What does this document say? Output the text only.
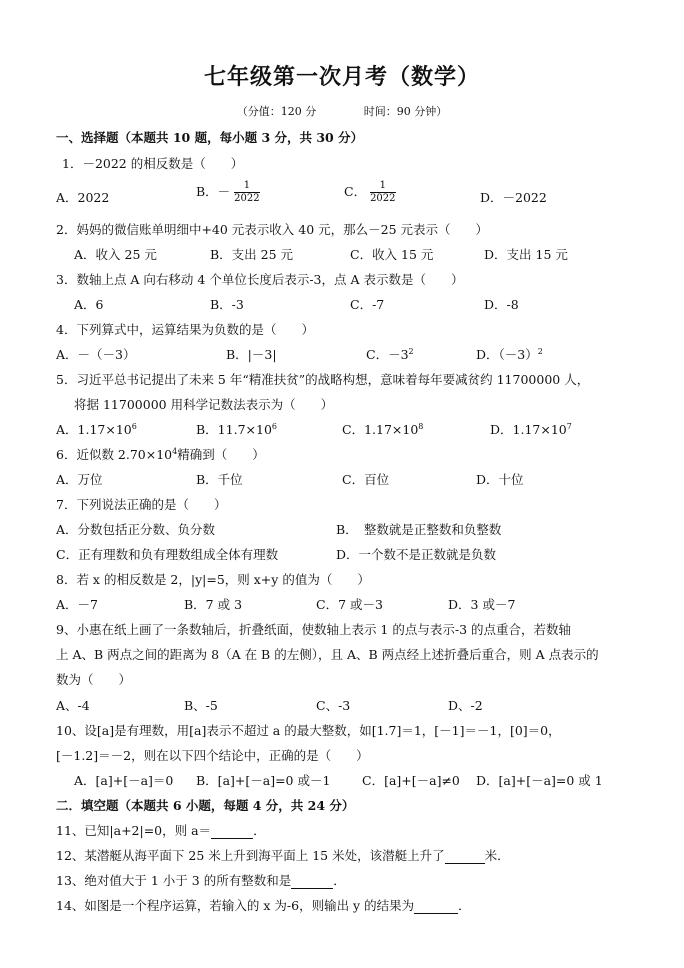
七年级第一次月考（数学）
（分值：120 分	时间：90 分钟）
一、选择题（本题共 10 题，每小题 3 分，共 30 分）
1．－2022 的相反数是（　　）
A．2022	B．－ $\frac{1}{2022}$	C． $\frac{1}{2022}$	D．－2022
2．妈妈的微信账单明细中+40 元表示收入 40 元，那么－25 元表示（　　）
A．收入 25 元	B．支出 25 元	C．收入 15 元	D．支出 15 元
3．数轴上点 A 向右移动 4 个单位长度后表示-3，点 A 表示数是（　　）
A．6	B．-3	C．-7	D．-8
4．下列算式中，运算结果为负数的是（　　）
A．－（－3）	B．|－3|	C．$-3^2$	D．$(-3)^2$
5．习近平总书记提出了未来 5 年“精准扶贫”的战略构想，意味着每年要减贫约 11700000 人，
将据 11700000 用科学记数法表示为（　　）
A．$1.17\times 10^6$	B．$11.7\times 10^6$	C．$1.17\times 10^8$	D．$1.17\times 10^7$
6．近似数 $2.70\times 10^4$精确到（　　）
A．万位	B．千位	C．百位	D．十位
7．下列说法正确的是（　　）
A．分数包括正分数、负分数	B．　整数就是正整数和负整数
C．正有理数和负有理数组成全体有理数	D．一个数不是正数就是负数
8．若 x 的相反数是 2，|y|=5，则 x+y 的值为（　　）
A．－7	B．7 或 3	C．7 或－3	D．3 或－7
9、小惠在纸上画了一条数轴后，折叠纸面，使数轴上表示 1 的点与表示-3 的点重合，若数轴
上 A、B 两点之间的距离为 8（A 在 B 的左侧），且 A、B 两点经上述折叠后重合，则 A 点表示的
数为（　　）
A、-4	B、-5	C、-3	D、-2
10、设[a]是有理数，用[a]表示不超过 a 的最大整数，如[1.7]＝1，[－1]＝－1，[0]＝0，
[－1.2]＝－2，则在以下四个结论中，正确的是（　　）
A．[a]+[－a]＝0 B．[a]+[－a]=0 或－1	C．[a]+[－a]≠0 D．[a]+[－a]=0 或 1
二．填空题（本题共 6 小题，每题 4 分，共 24 分）
11、已知|a+2|=0，则 a＝	．
12、某潜艇从海平面下 25 米上升到海平面上 15 米处，该潜艇上升了	米．
13、绝对值大于 1 小于 3 的所有整数和是	．
14、如图是一个程序运算，若输入的 x 为-6，则输出 y 的结果为	．
